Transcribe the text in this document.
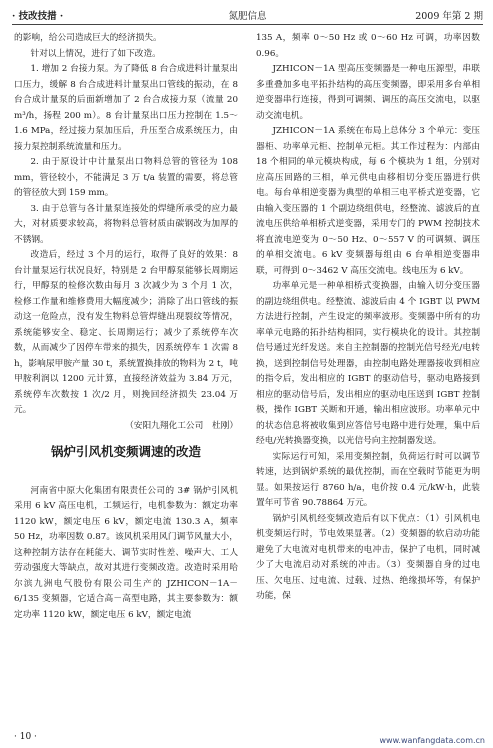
· 技改技措 ·	氮肥信息	2009 年第 2 期

的影响，给公司造成巨大的经济损失。

针对以上情况，进行了如下改造。

1. 增加 2 台接力泵。为了降低 8 台合成进料计量泵出口压力，缓解 8 台合成进料计量泵出口管线的振动，在 8 台合成计量泵的后面新增加了 2 台合成接力泵（流量 20 m³/h，扬程 200 m）。8 台计量泵出口压力控制在 1.5～1.6 MPa，经过接力泵加压后，升压至合成系统压力，由接力泵控制系统流量和压力。

2. 由于原设计中计量泵出口物料总管的管径为 108 mm，管径较小，不能满足 3 万 t/a 装置的需要，将总管的管径放大到 159 mm。

3. 由于总管与各计量泵连接处的焊缝所承受的应力最大，对材质要求较高，将物料总管材质由碳钢改为加厚的不锈钢。

改造后，经过 3 个月的运行，取得了良好的效果：8 台计量泵运行状况良好，特别是 2 台甲醇泵能够长周期运行，甲醇泵的检修次数由每月 3 次减少为 3 个月 1 次，检修工作量和维修费用大幅度减少；消除了出口管线的振动这一危险点，没有发生物料总管焊缝出现裂纹等情况，系统能够安全、稳定、长周期运行；减少了系统停车次数，从而减少了因停车带来的损失，因系统停车 1 次需 8 h，影响尿甲胺产量 30 t，系统置换排放的物料为 2 t，吨甲胺利润以 1200 元计算，直接经济效益为 3.84 万元，系统停车次数按 1 次/2 月，则挽回经济损失 23.04 万元。

（安阳九翔化工公司　杜刚）

锅炉引风机变频调速的改造

河南省中原大化集团有限责任公司的 3# 锅炉引风机采用 6 kV 高压电机，工频运行，电机参数为：额定功率 1120 kW，额定电压 6 kV，额定电流 130.3 A，频率 50 Hz，功率因数 0.87。该风机采用风门调节风量大小，这种控制方法存在耗能大、调节实时性差、噪声大、工人劳动强度大等缺点，故对其进行变频改造。改造时采用哈尔滨九洲电气股份有限公司生产的 JZHICON－1A－6/135 变频器，它适合高－高型电路，其主要参数为：额定功率 1120 kW，额定电压 6 kV，额定电流

135 A，频率 0～50 Hz 或 0～60 Hz 可调，功率因数 0.96。

JZHICON－1A 型高压变频器是一种电压源型，串联多重叠加多电平拓扑结构的高压变频器，即采用多台单相逆变器串行连接，得到可调频、调压的高压交流电，以驱动交流电机。

JZHICON－1A 系统在布局上总体分 3 个单元：变压器柜、功率单元柜、控制单元柜。其工作过程为：内部由 18 个相同的单元模块构成，每 6 个模块为 1 组，分别对应高压回路的三相，单元供电由移相切分变压器进行供电。每台单相逆变器为典型的单相三电平桥式逆变器，它由输入变压器的 1 个副边绕组供电，经整流、滤波后的直流电压供给单相桥式逆变器，采用专门的 PWM 控制技术将直流电逆变为 0～50 Hz、0～557 V 的可调频、调压的单相交流电。6 kV 变频器每组由 6 台单相逆变器串联，可得到 0～3462 V 高压交流电。线电压为 6 kV。

功率单元是一种单相桥式变换器，由输入切分变压器的副边绕组供电。经整流、滤波后由 4 个 IGBT 以 PWM 方法进行控制，产生设定的频率波形。变频器中所有的功率单元电路的拓扑结构相同，实行模块化的设计。其控制信号通过光纤发送。来自主控制器的控制光信号经光/电转换，送到控制信号处理器，由控制电路处理器接收到相应的指令后，发出相应的 IGBT 的驱动信号，驱动电路接到相应的驱动信号后，发出相应的驱动电压送到 IGBT 控制极，操作 IGBT 关断和开通，输出相应波形。功率单元中的状态信息将被收集到应答信号电路中进行处理，集中后经电/光转换器变换，以光信号向主控制器发送。

实际运行可知，采用变频控制，负荷运行时可以调节转速，达到锅炉系统的最优控制，而在空载时节能更为明显。如果按运行 8760 h/a，电价按 0.4 元/kW·h，此装置年可节省 90.78864 万元。

锅炉引风机经变频改造后有以下优点：（1）引风机电机变频运行时，节电效果显著。（2）变频器的软启动功能避免了大电流对电机带来的电冲击，保护了电机，同时减少了大电流启动对系统的冲击。（3）变频器自身的过电压、欠电压、过电流、过载、过热、绝缘损坏等，有保护功能，保

· 10 ·	www.wanfangdata.com.cn
